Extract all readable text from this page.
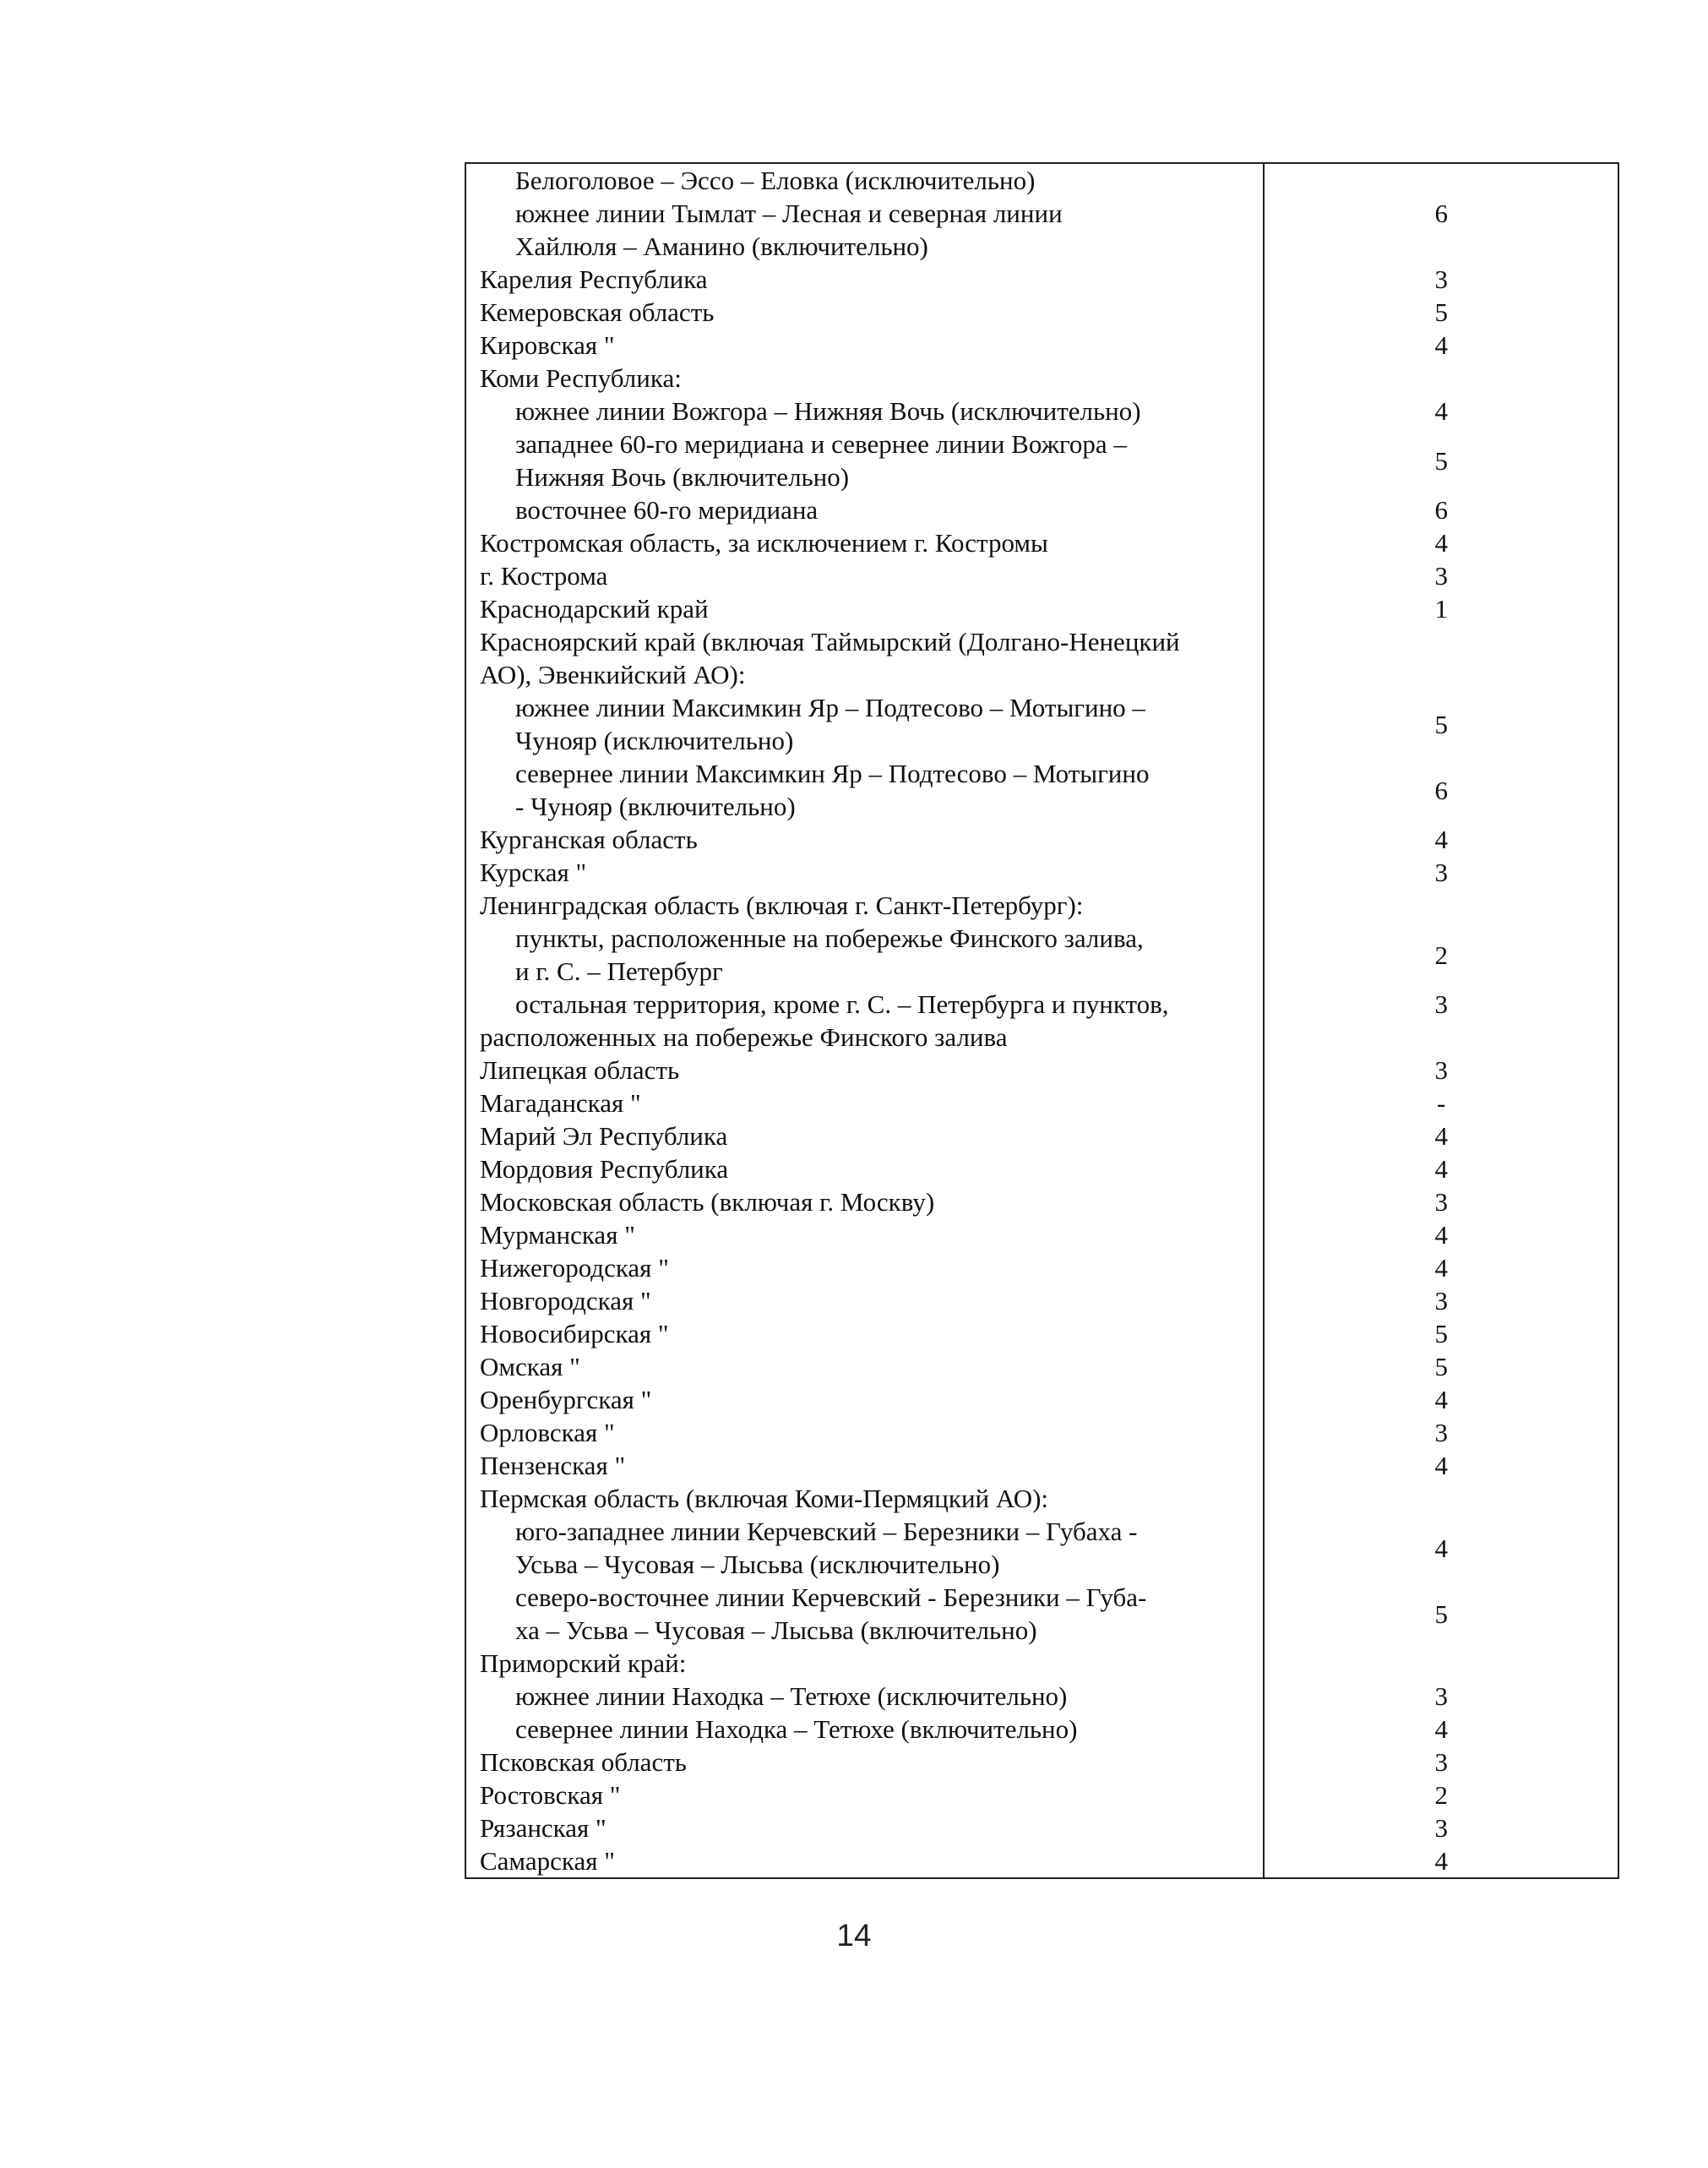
Белоголовое – Эссо – Еловка (исключительно)
южнее линии Тымлат – Лесная и северная линии
Хайлюля – Аманино (включительно)	6

Карелия Республика	3

Кемеровская область	5

Кировская "	4

Коми Республика:	

южнее линии Вожгора – Нижняя Вочь (исключительно)	4

западнее 60-го меридиана и севернее линии Вожгора –
Нижняя Вочь (включительно)	5

восточнее 60-го меридиана	6

Костромская область, за исключением г. Костромы	4

г. Кострома	3

Краснодарский край	1

Красноярский край (включая Таймырский (Долгано-Ненецкий
АО), Эвенкийский АО):	

южнее линии Максимкин Яр – Подтесово – Мотыгино –
Чунояр (исключительно)	5

севернее линии Максимкин Яр – Подтесово – Мотыгино
- Чунояр (включительно)	6

Курганская область	4

Курская "	3

Ленинградская область (включая г. Санкт-Петербург):	

пункты, расположенные на побережье Финского залива,
и г. С. – Петербург	2

остальная территория, кроме г. С. – Петербурга и пунктов,	3

расположенных на побережье Финского залива	

Липецкая область	3

Магаданская "	-

Марий Эл Республика	4

Мордовия Республика	4

Московская область (включая г. Москву)	3

Мурманская "	4

Нижегородская "	4

Новгородская "	3

Новосибирская "	5

Омская "	5

Оренбургская "	4

Орловская "	3

Пензенская "	4

Пермская область (включая Коми-Пермяцкий АО):	

юго-западнее линии Керчевский – Березники – Губаха -
Усьва – Чусовая – Лысьва (исключительно)	4

северо-восточнее линии Керчевский - Березники – Губа-
ха – Усьва – Чусовая – Лысьва (включительно)	5

Приморский край:	

южнее линии Находка – Тетюхе (исключительно)	3

севернее линии Находка – Тетюхе (включительно)	4

Псковская область	3

Ростовская "	2

Рязанская "	3

Самарская "	4
14
